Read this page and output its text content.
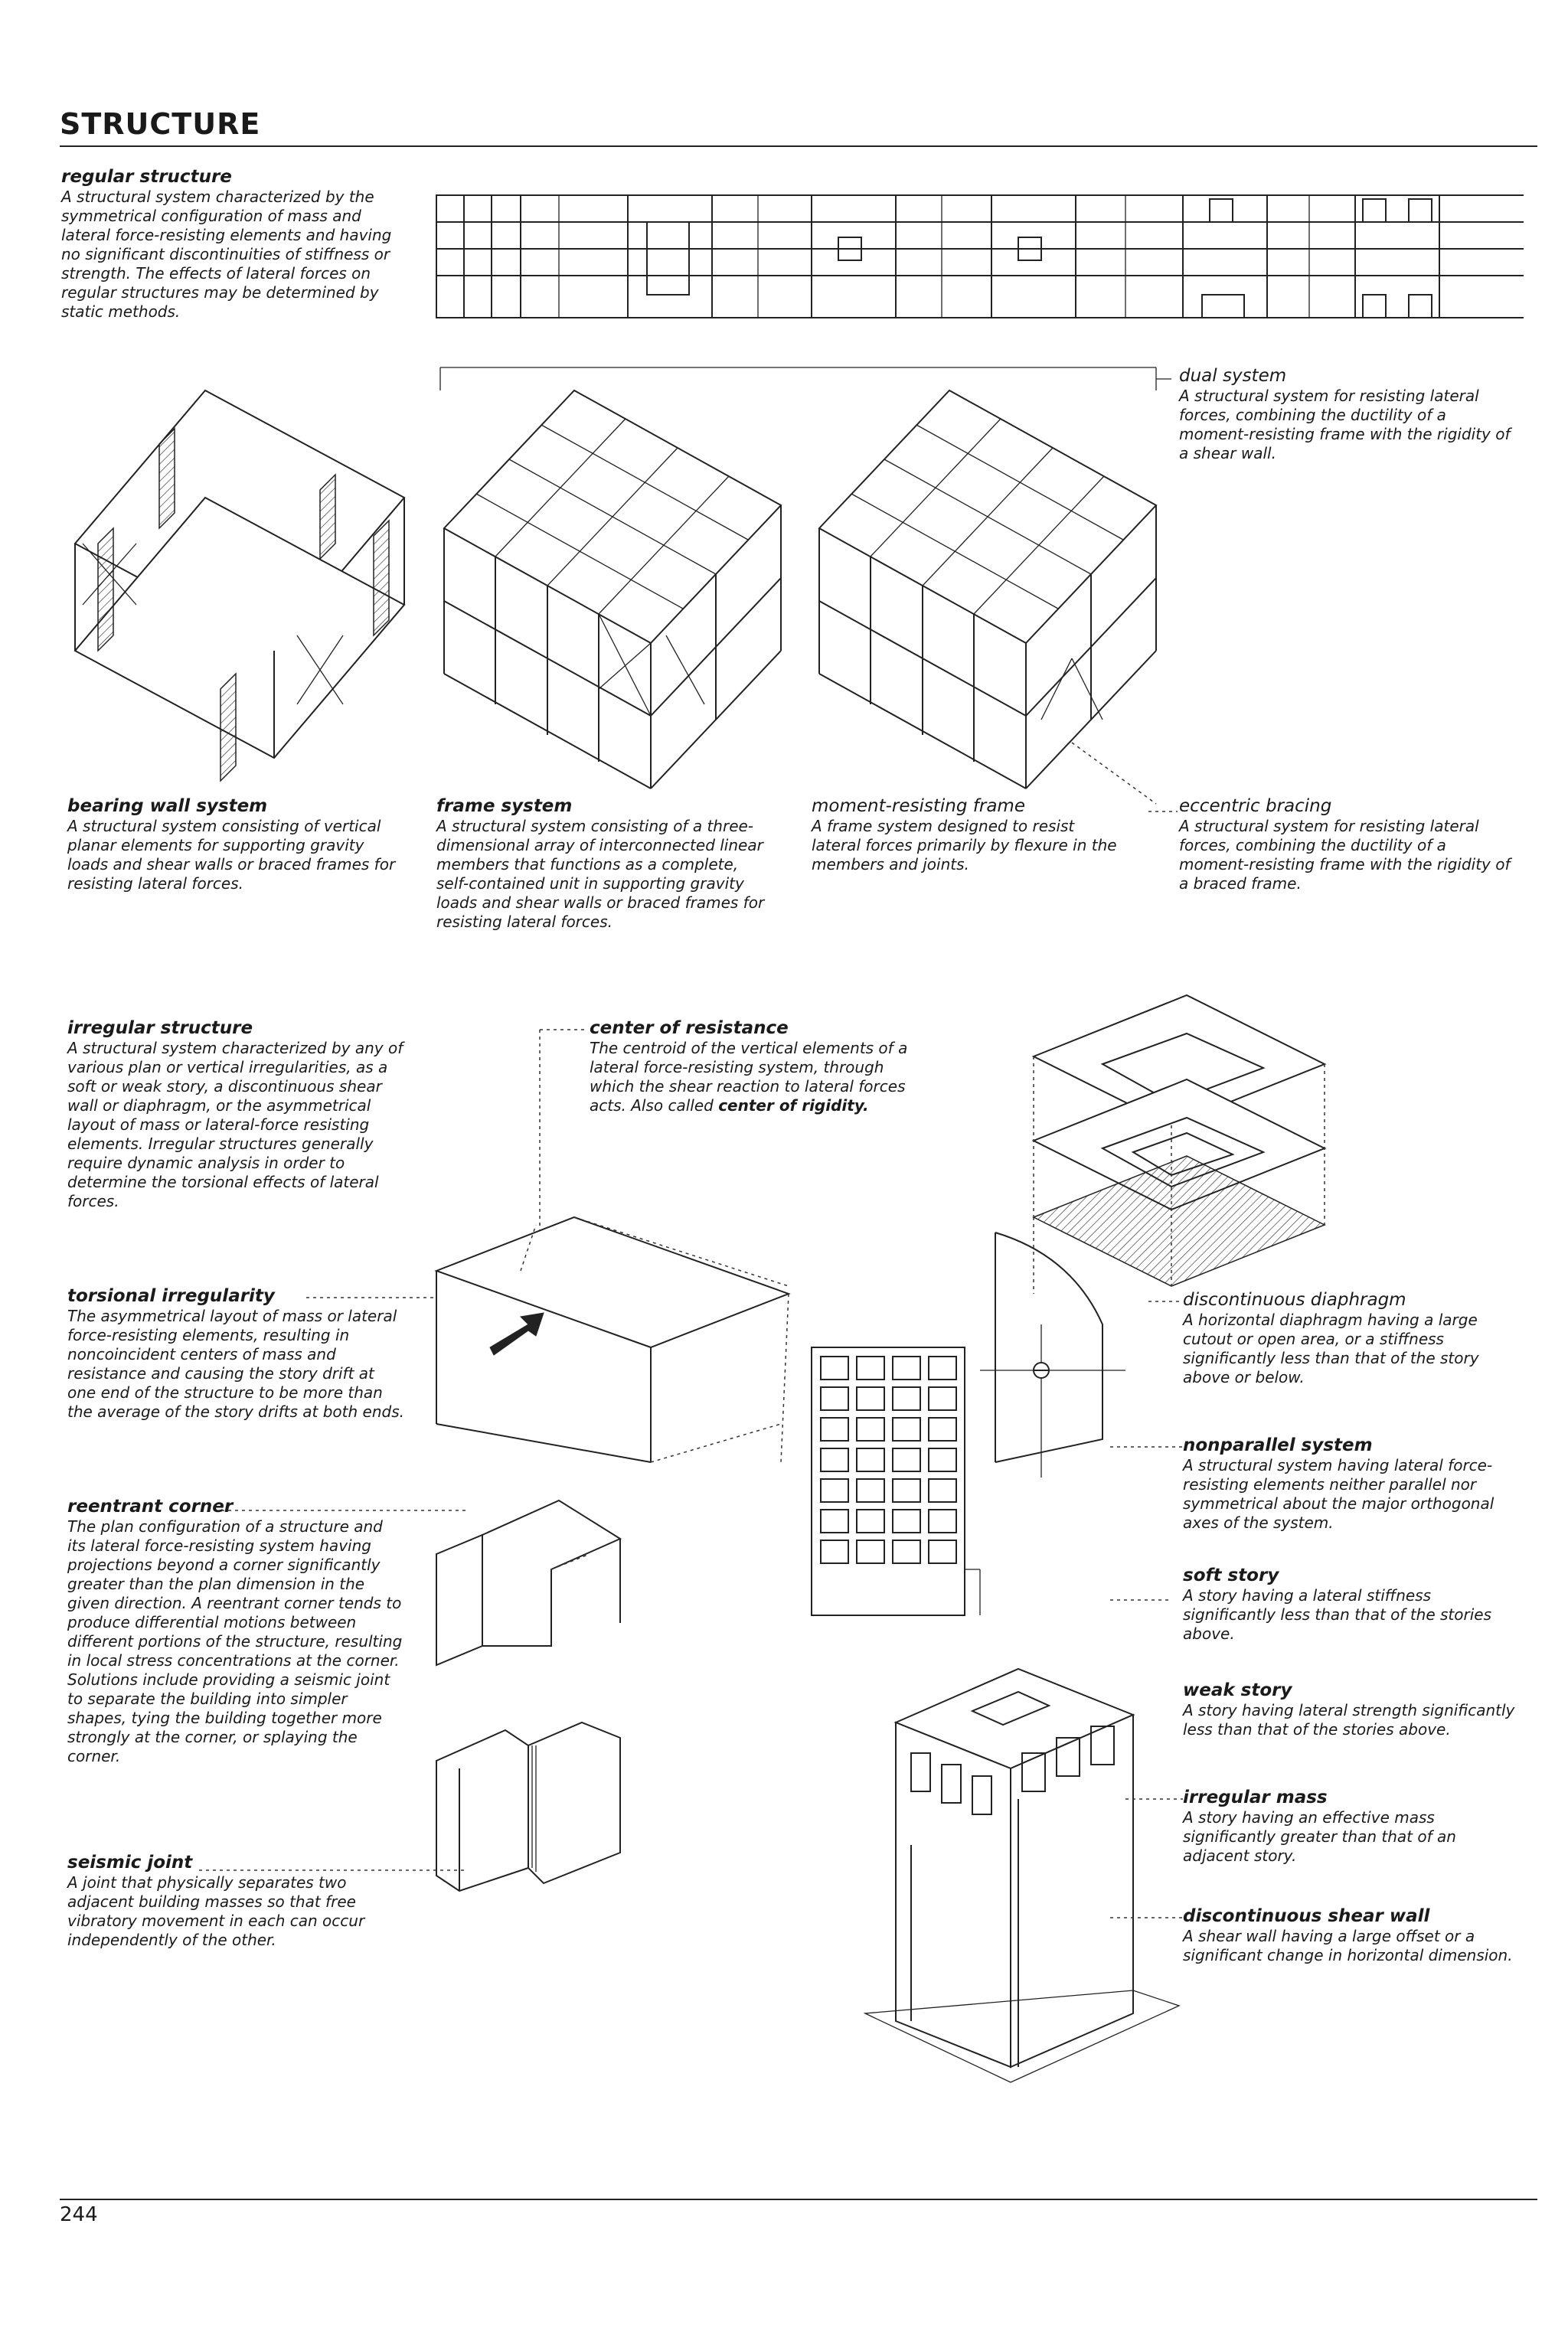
STRUCTURE
regular structure
A structural system characterized by the symmetrical configuration of mass and lateral force-resisting elements and having no significant discontinuities of stiffness or strength. The effects of lateral forces on regular structures may be determined by static methods.
dual system
A structural system for resisting lateral forces, combining the ductility of a moment-resisting frame with the rigidity of a shear wall.
bearing wall system
A structural system consisting of vertical planar elements for supporting gravity loads and shear walls or braced frames for resisting lateral forces.
frame system
A structural system consisting of a three-dimensional array of interconnected linear members that functions as a complete, self-contained unit in supporting gravity loads and shear walls or braced frames for resisting lateral forces.
moment-resisting frame
A frame system designed to resist lateral forces primarily by flexure in the members and joints.
eccentric bracing
A structural system for resisting lateral forces, combining the ductility of a moment-resisting frame with the rigidity of a braced frame.
irregular structure
A structural system characterized by any of various plan or vertical irregularities, as a soft or weak story, a discontinuous shear wall or diaphragm, or the asymmetrical layout of mass or lateral-force resisting elements. Irregular structures generally require dynamic analysis in order to determine the torsional effects of lateral forces.
center of resistance
The centroid of the vertical elements of a lateral force-resisting system, through which the shear reaction to lateral forces acts. Also called center of rigidity.
torsional irregularity
The asymmetrical layout of mass or lateral force-resisting elements, resulting in noncoincident centers of mass and resistance and causing the story drift at one end of the structure to be more than the average of the story drifts at both ends.
reentrant corner
The plan configuration of a structure and its lateral force-resisting system having projections beyond a corner significantly greater than the plan dimension in the given direction. A reentrant corner tends to produce differential motions between different portions of the structure, resulting in local stress concentrations at the corner. Solutions include providing a seismic joint to separate the building into simpler shapes, tying the building together more strongly at the corner, or splaying the corner.
seismic joint
A joint that physically separates two adjacent building masses so that free vibratory movement in each can occur independently of the other.
discontinuous diaphragm
A horizontal diaphragm having a large cutout or open area, or a stiffness significantly less than that of the story above or below.
nonparallel system
A structural system having lateral force-resisting elements neither parallel nor symmetrical about the major orthogonal axes of the system.
soft story
A story having a lateral stiffness significantly less than that of the stories above.
weak story
A story having lateral strength significantly less than that of the stories above.
irregular mass
A story having an effective mass significantly greater than that of an adjacent story.
discontinuous shear wall
A shear wall having a large offset or a significant change in horizontal dimension.
244
